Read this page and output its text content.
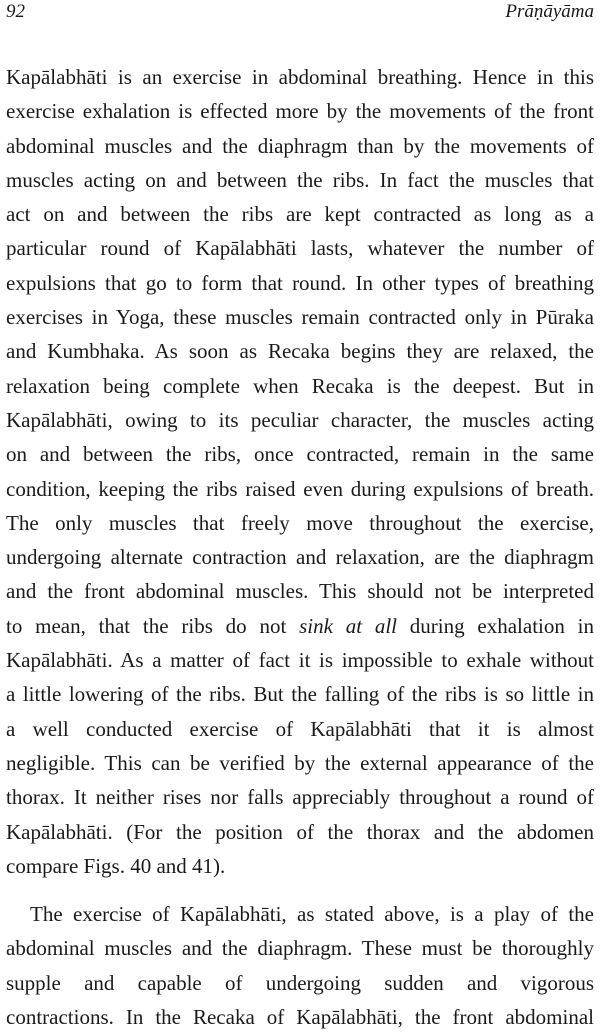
92	Prāṇāyāma

Kapālabhāti is an exercise in abdominal breathing. Hence in this
exercise exhalation is effected more by the movements of the front
abdominal muscles and the diaphragm than by the movements of
muscles acting on and between the ribs. In fact the muscles that
act on and between the ribs are kept contracted as long as a
particular round of Kapālabhāti lasts, whatever the number of
expulsions that go to form that round. In other types of breathing
exercises in Yoga, these muscles remain contracted only in Pūraka
and Kumbhaka. As soon as Recaka begins they are relaxed, the
relaxation being complete when Recaka is the deepest. But in
Kapālabhāti, owing to its peculiar character, the muscles acting
on and between the ribs, once contracted, remain in the same
condition, keeping the ribs raised even during expulsions of breath.
The only muscles that freely move throughout the exercise,
undergoing alternate contraction and relaxation, are the diaphragm
and the front abdominal muscles. This should not be interpreted
to mean, that the ribs do not sink at all during exhalation in
Kapālabhāti. As a matter of fact it is impossible to exhale without
a little lowering of the ribs. But the falling of the ribs is so little in
a well conducted exercise of Kapālabhāti that it is almost
negligible. This can be verified by the external appearance of the
thorax. It neither rises nor falls appreciably throughout a round of
Kapālabhāti. (For the position of the thorax and the abdomen
compare Figs. 40 and 41).

The exercise of Kapālabhāti, as stated above, is a play of the
abdominal muscles and the diaphragm. These must be thoroughly
supple and capable of undergoing sudden and vigorous
contractions. In the Recaka of Kapālabhāti, the front abdominal
